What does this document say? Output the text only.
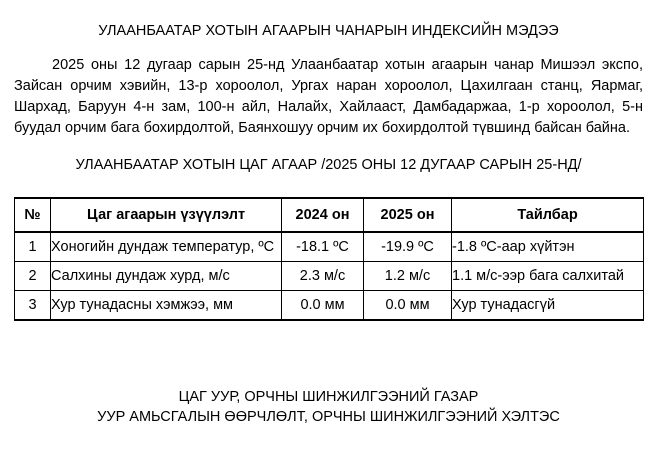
УЛААНБААТАР ХОТЫН АГААРЫН ЧАНАРЫН ИНДЕКСИЙН МЭДЭЭ

2025 оны 12 дугаар сарын 25-нд Улаанбаатар хотын агаарын чанар Мишээл экспо, Зайсан орчим хэвийн, 13-р хороолол, Ургах наран хороолол, Цахилгаан станц, Яармаг, Шархад, Баруун 4-н зам, 100-н айл, Налайх, Хайлааст, Дамбадаржаа, 1-р хороолол, 5-н буудал орчим бага бохирдолтой, Баянхошуу орчим их бохирдолтой түвшинд байсан байна.

УЛААНБААТАР ХОТЫН ЦАГ АГААР /2025 ОНЫ 12 ДУГААР САРЫН 25-НД/
№	Цаг агаарын үзүүлэлт	2024 он	2025 он	Тайлбар
1	Хоногийн дундаж температур, ºС	-18.1 ºС	-19.9 ºС	-1.8 ºС-аар хүйтэн
2	Салхины дундаж хурд, м/с	2.3 м/с	1.2 м/с	1.1 м/с-ээр бага салхитай
3	Хур тунадасны хэмжээ, мм	0.0 мм	0.0 мм	Хур тунадасгүй
ЦАГ УУР, ОРЧНЫ ШИНЖИЛГЭЭНИЙ ГАЗАР
УУР АМЬСГАЛЫН ӨӨРЧЛӨЛТ, ОРЧНЫ ШИНЖИЛГЭЭНИЙ ХЭЛТЭС
